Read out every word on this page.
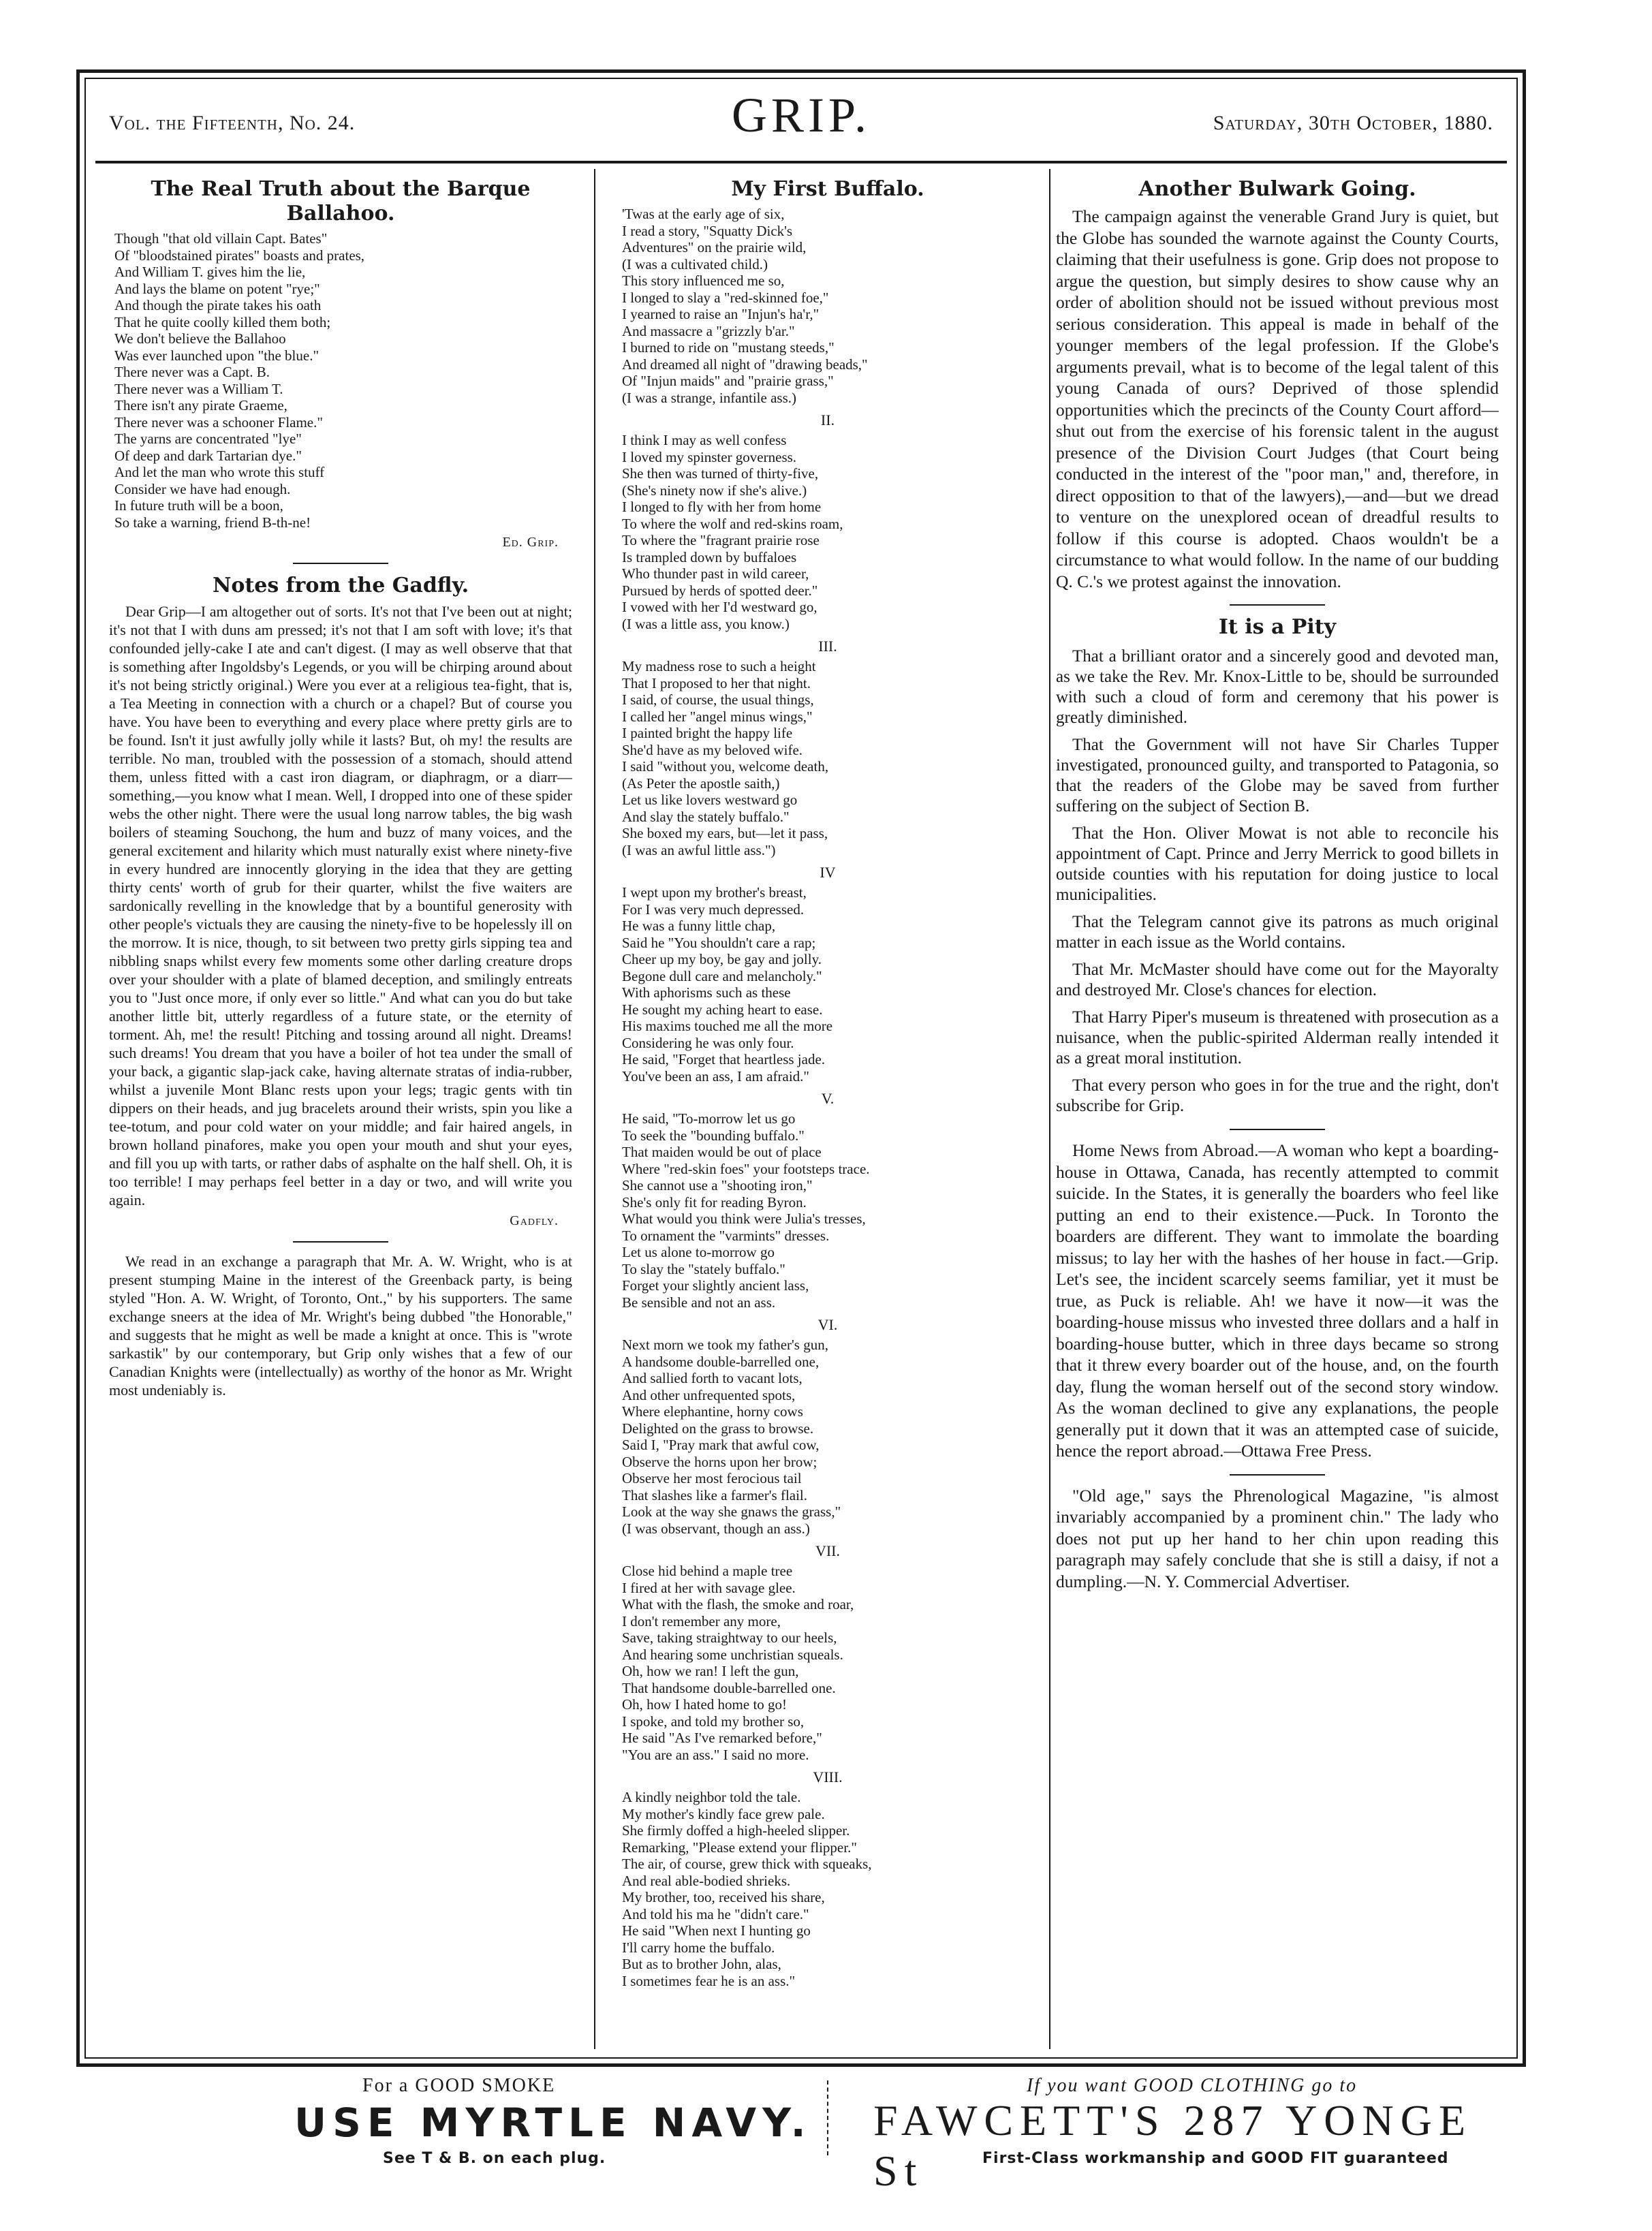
Vol. the Fifteenth, No. 24.	GRIP.	Saturday, 30th October, 1880.
The Real Truth about the Barque Ballahoo.
Though "that old villain Capt. Bates"
Of "bloodstained pirates" boasts and prates,
And William T. gives him the lie,
And lays the blame on potent "rye;"
And though the pirate takes his oath
That he quite coolly killed them both;
We don't believe the Ballahoo
Was ever launched upon "the blue."
There never was a Capt. B.
There never was a William T.
There isn't any pirate Graeme,
There never was a schooner Flame."
The yarns are concentrated "lye"
Of deep and dark Tartarian dye."
And let the man who wrote this stuff
Consider we have had enough.
In future truth will be a boon,
So take a warning, friend B-th-ne!
Ed. Grip.
Notes from the Gadfly.

Dear Grip—I am altogether out of sorts. It's not that I've been out at night; it's not that I with duns am pressed; it's not that I am soft with love; it's that confounded jelly-cake I ate and can't digest. (I may as well observe that that is something after Ingoldsby's Legends, or you will be chirping around about it's not being strictly original.) Were you ever at a religious tea-fight, that is, a Tea Meeting in connection with a church or a chapel? But of course you have. You have been to everything and every place where pretty girls are to be found. Isn't it just awfully jolly while it lasts? But, oh my! the results are terrible. No man, troubled with the possession of a stomach, should attend them, unless fitted with a cast iron diagram, or diaphragm, or a diarr—something,—you know what I mean. Well, I dropped into one of these spider webs the other night. There were the usual long narrow tables, the big wash boilers of steaming Souchong, the hum and buzz of many voices, and the general excitement and hilarity which must naturally exist where ninety-five in every hundred are innocently glorying in the idea that they are getting thirty cents' worth of grub for their quarter, whilst the five waiters are sardonically revelling in the knowledge that by a bountiful generosity with other people's victuals they are causing the ninety-five to be hopelessly ill on the morrow. It is nice, though, to sit between two pretty girls sipping tea and nibbling snaps whilst every few moments some other darling creature drops over your shoulder with a plate of blamed deception, and smilingly entreats you to "Just once more, if only ever so little." And what can you do but take another little bit, utterly regardless of a future state, or the eternity of torment. Ah, me! the result! Pitching and tossing around all night. Dreams! such dreams! You dream that you have a boiler of hot tea under the small of your back, a gigantic slap-jack cake, having alternate stratas of india-rubber, whilst a juvenile Mont Blanc rests upon your legs; tragic gents with tin dippers on their heads, and jug bracelets around their wrists, spin you like a tee-totum, and pour cold water on your middle; and fair haired angels, in brown holland pinafores, make you open your mouth and shut your eyes, and fill you up with tarts, or rather dabs of asphalte on the half shell. Oh, it is too terrible! I may perhaps feel better in a day or two, and will write you again.

Gadfly.

We read in an exchange a paragraph that Mr. A. W. Wright, who is at present stumping Maine in the interest of the Greenback party, is being styled "Hon. A. W. Wright, of Toronto, Ont.," by his supporters. The same exchange sneers at the idea of Mr. Wright's being dubbed "the Honorable," and suggests that he might as well be made a knight at once. This is "wrote sarkastik" by our contemporary, but Grip only wishes that a few of our Canadian Knights were (intellectually) as worthy of the honor as Mr. Wright most undeniably is.

My First Buffalo.
'Twas at the early age of six,
I read a story, "Squatty Dick's
Adventures" on the prairie wild,
(I was a cultivated child.)
This story influenced me so,
I longed to slay a "red-skinned foe,"
I yearned to raise an "Injun's ha'r,"
And massacre a "grizzly b'ar."
I burned to ride on "mustang steeds,"
And dreamed all night of "drawing beads,"
Of "Injun maids" and "prairie grass,"
(I was a strange, infantile ass.)
II.
I think I may as well confess
I loved my spinster governess.
She then was turned of thirty-five,
(She's ninety now if she's alive.)
I longed to fly with her from home
To where the wolf and red-skins roam,
To where the "fragrant prairie rose
Is trampled down by buffaloes
Who thunder past in wild career,
Pursued by herds of spotted deer."
I vowed with her I'd westward go,
(I was a little ass, you know.)
III.
My madness rose to such a height
That I proposed to her that night.
I said, of course, the usual things,
I called her "angel minus wings,"
I painted bright the happy life
She'd have as my beloved wife.
I said "without you, welcome death,
(As Peter the apostle saith,)
Let us like lovers westward go
And slay the stately buffalo."
She boxed my ears, but—let it pass,
(I was an awful little ass.")
IV
I wept upon my brother's breast,
For I was very much depressed.
He was a funny little chap,
Said he "You shouldn't care a rap;
Cheer up my boy, be gay and jolly.
Begone dull care and melancholy."
With aphorisms such as these
He sought my aching heart to ease.
His maxims touched me all the more
Considering he was only four.
He said, "Forget that heartless jade.
You've been an ass, I am afraid."
V.
He said, "To-morrow let us go
To seek the "bounding buffalo."
That maiden would be out of place
Where "red-skin foes" your footsteps trace.
She cannot use a "shooting iron,"
She's only fit for reading Byron.
What would you think were Julia's tresses,
To ornament the "varmints" dresses.
Let us alone to-morrow go
To slay the "stately buffalo."
Forget your slightly ancient lass,
Be sensible and not an ass.
VI.
Next morn we took my father's gun,
A handsome double-barrelled one,
And sallied forth to vacant lots,
And other unfrequented spots,
Where elephantine, horny cows
Delighted on the grass to browse.
Said I, "Pray mark that awful cow,
Observe the horns upon her brow;
Observe her most ferocious tail
That slashes like a farmer's flail.
Look at the way she gnaws the grass,"
(I was observant, though an ass.)
VII.
Close hid behind a maple tree
I fired at her with savage glee.
What with the flash, the smoke and roar,
I don't remember any more,
Save, taking straightway to our heels,
And hearing some unchristian squeals.
Oh, how we ran! I left the gun,
That handsome double-barrelled one.
Oh, how I hated home to go!
I spoke, and told my brother so,
He said "As I've remarked before,"
"You are an ass." I said no more.
VIII.
A kindly neighbor told the tale.
My mother's kindly face grew pale.
She firmly doffed a high-heeled slipper.
Remarking, "Please extend your flipper."
The air, of course, grew thick with squeaks,
And real able-bodied shrieks.
My brother, too, received his share,
And told his ma he "didn't care."
He said "When next I hunting go
I'll carry home the buffalo.
But as to brother John, alas,
I sometimes fear he is an ass."
Another Bulwark Going.

The campaign against the venerable Grand Jury is quiet, but the Globe has sounded the warnote against the County Courts, claiming that their usefulness is gone. Grip does not propose to argue the question, but simply desires to show cause why an order of abolition should not be issued without previous most serious consideration. This appeal is made in behalf of the younger members of the legal profession. If the Globe's arguments prevail, what is to become of the legal talent of this young Canada of ours? Deprived of those splendid opportunities which the precincts of the County Court afford—shut out from the exercise of his forensic talent in the august presence of the Division Court Judges (that Court being conducted in the interest of the "poor man," and, therefore, in direct opposition to that of the lawyers),—and—but we dread to venture on the unexplored ocean of dreadful results to follow if this course is adopted. Chaos wouldn't be a circumstance to what would follow. In the name of our budding Q. C.'s we protest against the innovation.

It is a Pity

That a brilliant orator and a sincerely good and devoted man, as we take the Rev. Mr. Knox-Little to be, should be surrounded with such a cloud of form and ceremony that his power is greatly diminished.

That the Government will not have Sir Charles Tupper investigated, pronounced guilty, and transported to Patagonia, so that the readers of the Globe may be saved from further suffering on the subject of Section B.

That the Hon. Oliver Mowat is not able to reconcile his appointment of Capt. Prince and Jerry Merrick to good billets in outside counties with his reputation for doing justice to local municipalities.

That the Telegram cannot give its patrons as much original matter in each issue as the World contains.

That Mr. McMaster should have come out for the Mayoralty and destroyed Mr. Close's chances for election.

That Harry Piper's museum is threatened with prosecution as a nuisance, when the public-spirited Alderman really intended it as a great moral institution.

That every person who goes in for the true and the right, don't subscribe for Grip.

Home News from Abroad.—A woman who kept a boarding-house in Ottawa, Canada, has recently attempted to commit suicide. In the States, it is generally the boarders who feel like putting an end to their existence.—Puck. In Toronto the boarders are different. They want to immolate the boarding missus; to lay her with the hashes of her house in fact.—Grip. Let's see, the incident scarcely seems familiar, yet it must be true, as Puck is reliable. Ah! we have it now—it was the boarding-house missus who invested three dollars and a half in boarding-house butter, which in three days became so strong that it threw every boarder out of the house, and, on the fourth day, flung the woman herself out of the second story window. As the woman declined to give any explanations, the people generally put it down that it was an attempted case of suicide, hence the report abroad.—Ottawa Free Press.

"Old age," says the Phrenological Magazine, "is almost invariably accompanied by a prominent chin." The lady who does not put up her hand to her chin upon reading this paragraph may safely conclude that she is still a daisy, if not a dumpling.—N. Y. Commercial Advertiser.

For a GOOD SMOKE
USE MYRTLE NAVY.
See T & B. on each plug.
If you want GOOD CLOTHING go to
FAWCETT'S 287 YONGE St	First-Class workmanship and GOOD FIT guaranteed
